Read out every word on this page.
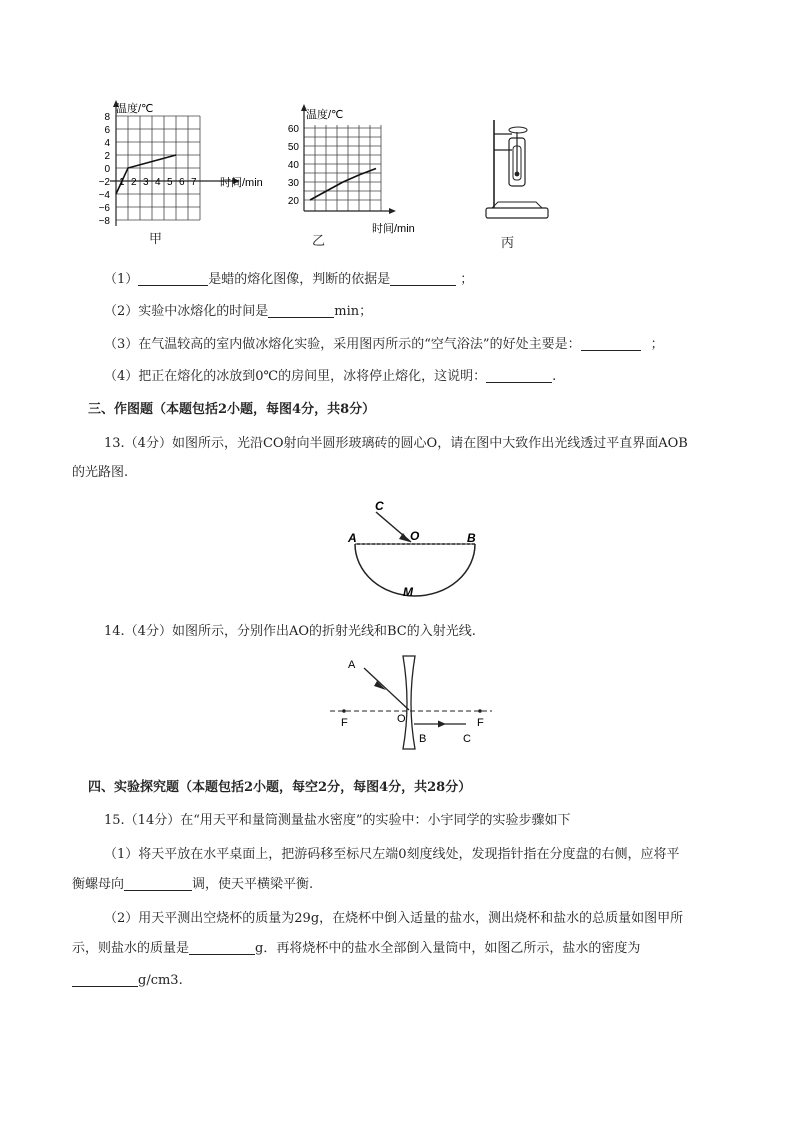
8
6
4
2
0
−2
−4
−6
−8
1 2 3 4 5 6 7
温度/℃
时间/min
甲
60
50
40
30
20
温度/℃
时间/min
乙	丙
（1）	是蜡的熔化图像，判断的依据是	；
（2）实验中冰熔化的时间是	min；
（3）在气温较高的室内做冰熔化实验，采用图丙所示的“空气浴法”的好处主要是：	；
（4）把正在熔化的冰放到0℃的房间里，冰将停止熔化，这说明：	.
三、作图题（本题包括2小题，每图4分，共8分）
13.（4分）如图所示，光沿CO射向半圆形玻璃砖的圆心O，请在图中大致作出光线透过平直界面AOB
的光路图.
C
O
A	B
M
14.（4分）如图所示，分别作出AO的折射光线和BC的入射光线.
A
F	O
B	C
F
四、实验探究题（本题包括2小题，每空2分，每图4分，共28分）
15.（14分）在“用天平和量筒测量盐水密度”的实验中：小宇同学的实验步骤如下
（1）将天平放在水平桌面上，把游码移至标尺左端0刻度线处，发现指针指在分度盘的右侧，应将平
衡螺母向	调，使天平横梁平衡.
（2）用天平测出空烧杯的质量为29g，在烧杯中倒入适量的盐水，测出烧杯和盐水的总质量如图甲所
示，则盐水的质量是	g．再将烧杯中的盐水全部倒入量筒中，如图乙所示，盐水的密度为
g/cm3.
